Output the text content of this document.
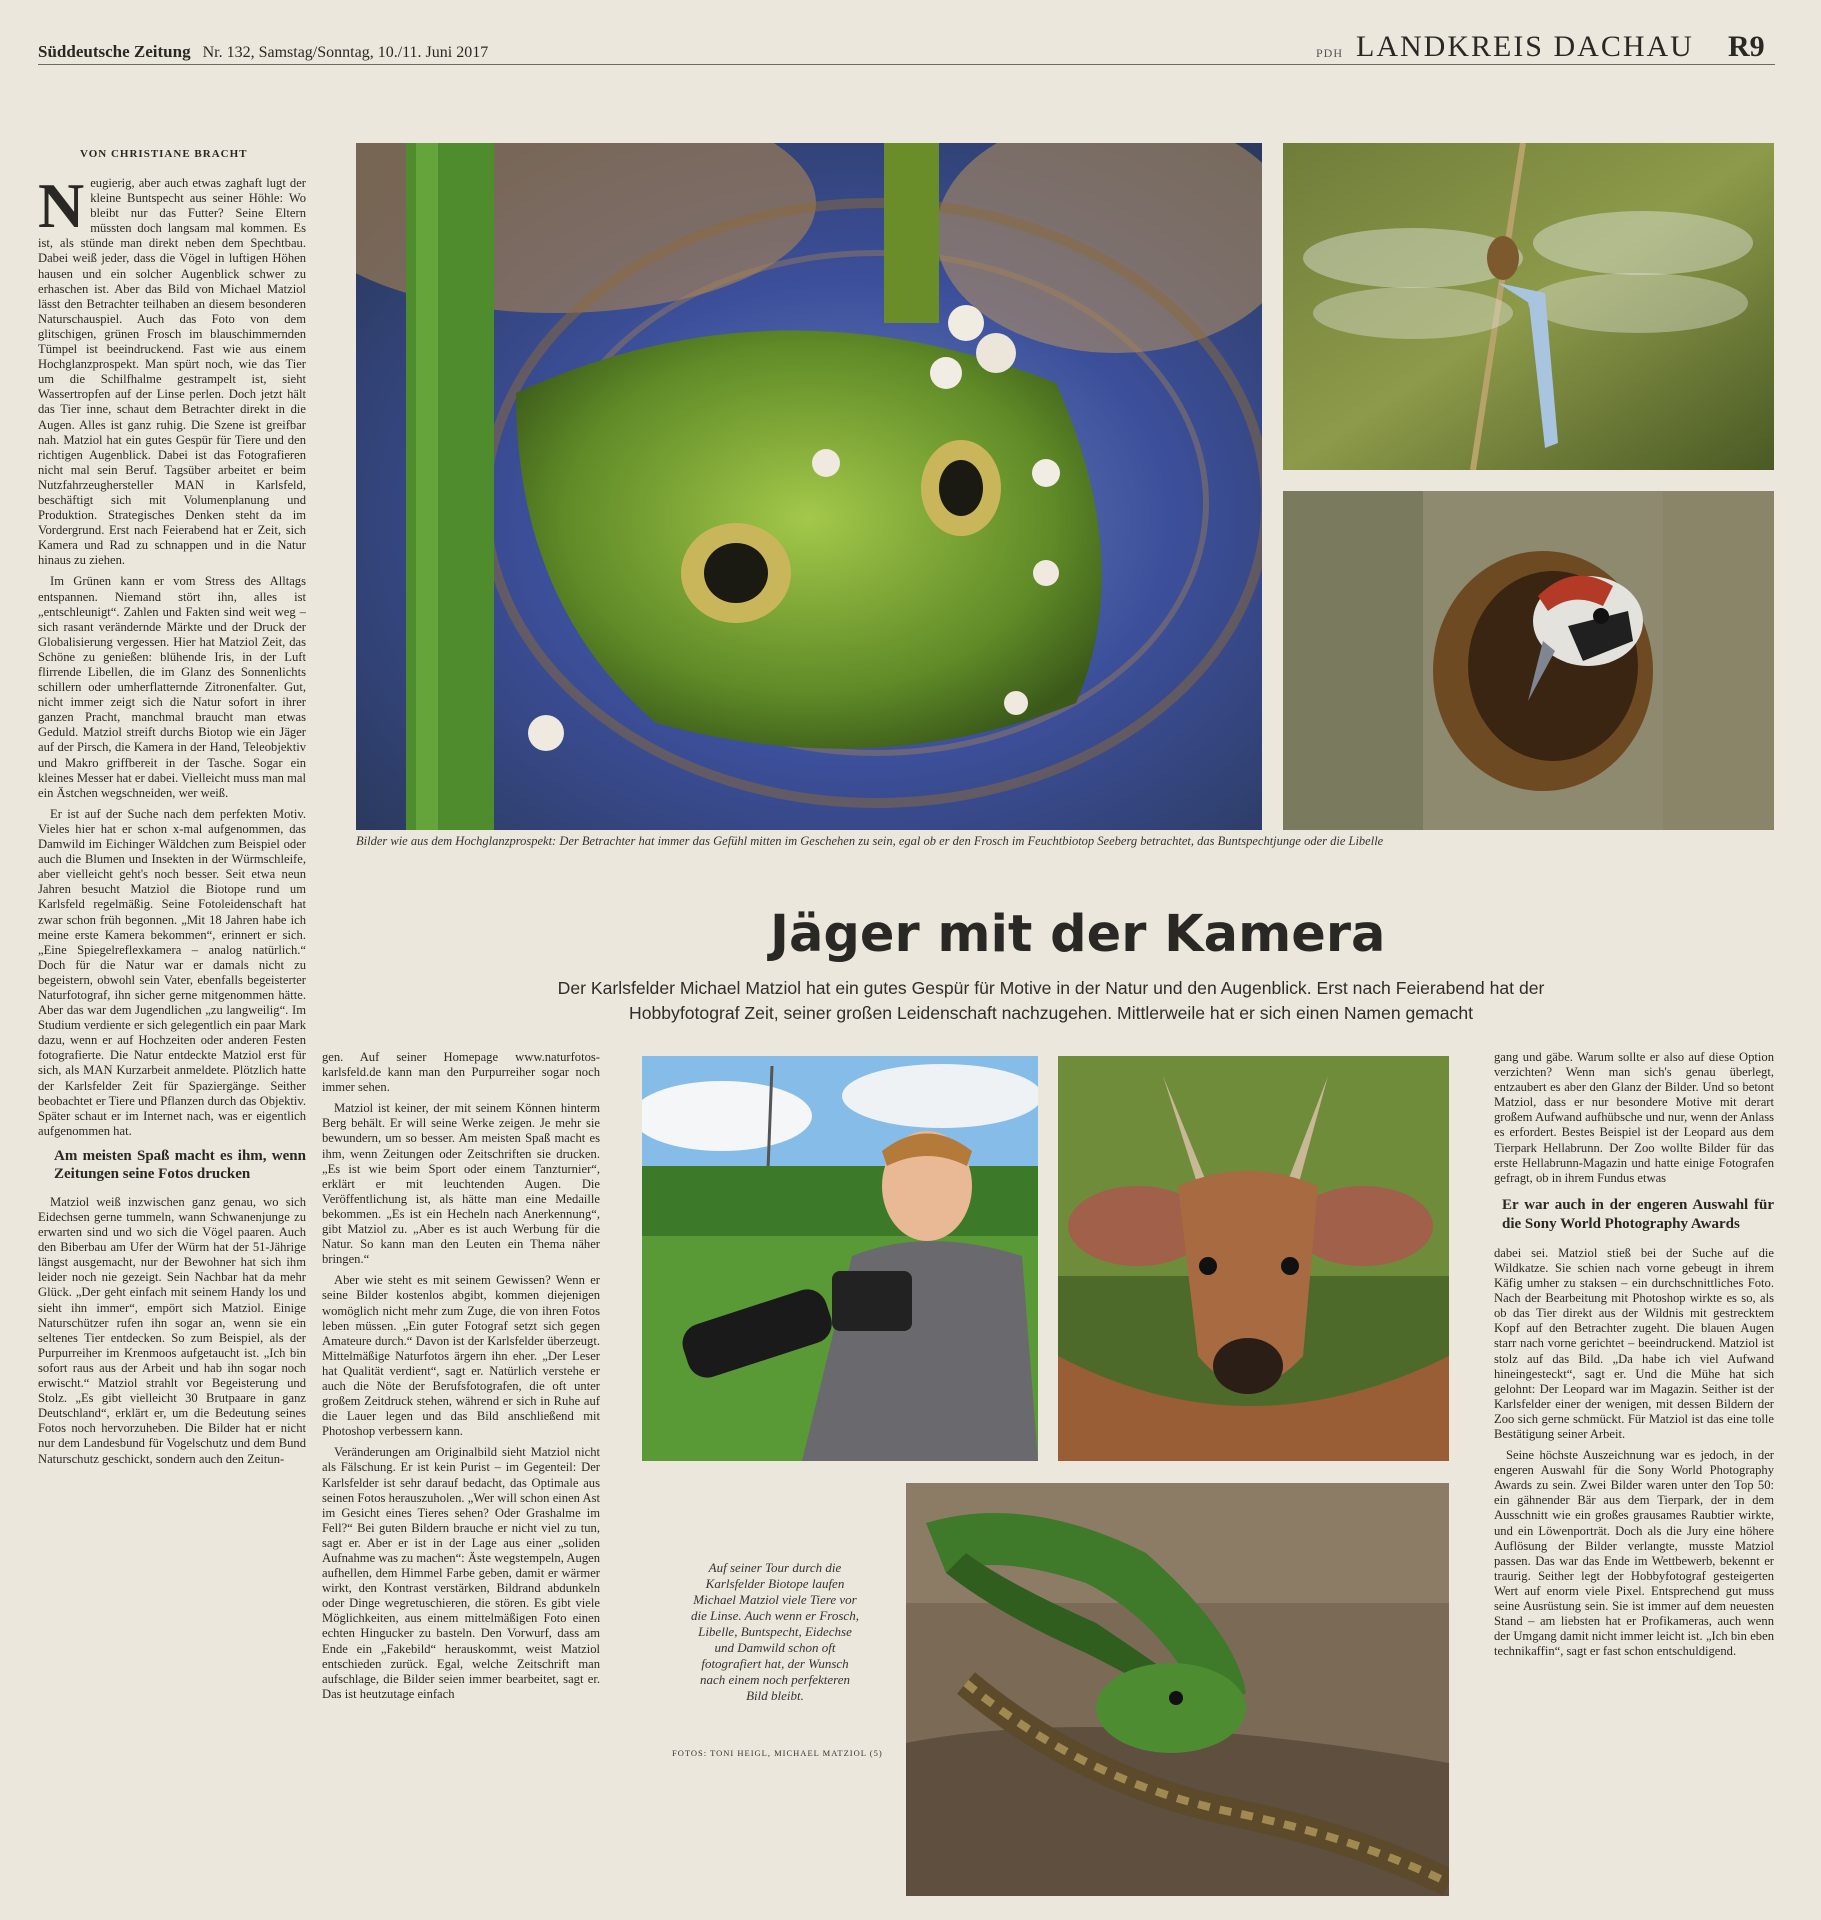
Süddeutsche Zeitung Nr. 132, Samstag/Sonntag, 10./11. Juni 2017	PDH LANDKREIS DACHAU R9
VON CHRISTIANE BRACHT

Neugierig, aber auch etwas zaghaft lugt der kleine Buntspecht aus seiner Höhle: Wo bleibt nur das Futter? Seine Eltern müssten doch langsam mal kommen. Es ist, als stünde man direkt neben dem Spechtbau. Dabei weiß jeder, dass die Vögel in luftigen Höhen hausen und ein solcher Augenblick schwer zu erhaschen ist. Aber das Bild von Michael Matziol lässt den Betrachter teilhaben an diesem besonderen Naturschauspiel. Auch das Foto von dem glitschigen, grünen Frosch im blauschimmernden Tümpel ist beeindruckend. Fast wie aus einem Hochglanzprospekt. Man spürt noch, wie das Tier um die Schilfhalme gestrampelt ist, sieht Wassertropfen auf der Linse perlen. Doch jetzt hält das Tier inne, schaut dem Betrachter direkt in die Augen. Alles ist ganz ruhig. Die Szene ist greifbar nah. Matziol hat ein gutes Gespür für Tiere und den richtigen Augenblick. Dabei ist das Fotografieren nicht mal sein Beruf. Tagsüber arbeitet er beim Nutzfahrzeughersteller MAN in Karlsfeld, beschäftigt sich mit Volumenplanung und Produktion. Strategisches Denken steht da im Vordergrund. Erst nach Feierabend hat er Zeit, sich Kamera und Rad zu schnappen und in die Natur hinaus zu ziehen.

Im Grünen kann er vom Stress des Alltags entspannen. Niemand stört ihn, alles ist „entschleunigt“. Zahlen und Fakten sind weit weg – sich rasant verändernde Märkte und der Druck der Globalisierung vergessen. Hier hat Matziol Zeit, das Schöne zu genießen: blühende Iris, in der Luft flirrende Libellen, die im Glanz des Sonnenlichts schillern oder umherflatternde Zitronenfalter. Gut, nicht immer zeigt sich die Natur sofort in ihrer ganzen Pracht, manchmal braucht man etwas Geduld. Matziol streift durchs Biotop wie ein Jäger auf der Pirsch, die Kamera in der Hand, Teleobjektiv und Makro griffbereit in der Tasche. Sogar ein kleines Messer hat er dabei. Vielleicht muss man mal ein Ästchen wegschneiden, wer weiß.

Er ist auf der Suche nach dem perfekten Motiv. Vieles hier hat er schon x-mal aufgenommen, das Damwild im Eichinger Wäldchen zum Beispiel oder auch die Blumen und Insekten in der Würmschleife, aber vielleicht geht's noch besser. Seit etwa neun Jahren besucht Matziol die Biotope rund um Karlsfeld regelmäßig. Seine Fotoleidenschaft hat zwar schon früh begonnen. „Mit 18 Jahren habe ich meine erste Kamera bekommen“, erinnert er sich. „Eine Spiegelreflexkamera – analog natürlich.“ Doch für die Natur war er damals nicht zu begeistern, obwohl sein Vater, ebenfalls begeisterter Naturfotograf, ihn sicher gerne mitgenommen hätte. Aber das war dem Jugendlichen „zu langweilig“. Im Studium verdiente er sich gelegentlich ein paar Mark dazu, wenn er auf Hochzeiten oder anderen Festen fotografierte. Die Natur entdeckte Matziol erst für sich, als MAN Kurzarbeit anmeldete. Plötzlich hatte der Karlsfelder Zeit für Spaziergänge. Seither beobachtet er Tiere und Pflanzen durch das Objektiv. Später schaut er im Internet nach, was er eigentlich aufgenommen hat.

Am meisten Spaß macht es ihm, wenn Zeitungen seine Fotos drucken

Matziol weiß inzwischen ganz genau, wo sich Eidechsen gerne tummeln, wann Schwanenjunge zu erwarten sind und wo sich die Vögel paaren. Auch den Biberbau am Ufer der Würm hat der 51-Jährige längst ausgemacht, nur der Bewohner hat sich ihm leider noch nie gezeigt. Sein Nachbar hat da mehr Glück. „Der geht einfach mit seinem Handy los und sieht ihn immer“, empört sich Matziol. Einige Naturschützer rufen ihn sogar an, wenn sie ein seltenes Tier entdecken. So zum Beispiel, als der Purpurreiher im Krenmoos aufgetaucht ist. „Ich bin sofort raus aus der Arbeit und hab ihn sogar noch erwischt.“ Matziol strahlt vor Begeisterung und Stolz. „Es gibt vielleicht 30 Brutpaare in ganz Deutschland“, erklärt er, um die Bedeutung seines Fotos noch hervorzuheben. Die Bilder hat er nicht nur dem Landesbund für Vogelschutz und dem Bund Naturschutz geschickt, sondern auch den Zeitun-

Bilder wie aus dem Hochglanzprospekt: Der Betrachter hat immer das Gefühl mitten im Geschehen zu sein, egal ob er den Frosch im Feuchtbiotop Seeberg betrachtet, das Buntspechtjunge oder die Libelle
Jäger mit der Kamera
Der Karlsfelder Michael Matziol hat ein gutes Gespür für Motive in der Natur und den Augenblick. Erst nach Feierabend hat der Hobbyfotograf Zeit, seiner großen Leidenschaft nachzugehen. Mittlerweile hat er sich einen Namen gemacht

gen. Auf seiner Homepage www.naturfotos-karlsfeld.de kann man den Purpurreiher sogar noch immer sehen.

Matziol ist keiner, der mit seinem Können hinterm Berg behält. Er will seine Werke zeigen. Je mehr sie bewundern, um so besser. Am meisten Spaß macht es ihm, wenn Zeitungen oder Zeitschriften sie drucken. „Es ist wie beim Sport oder einem Tanzturnier“, erklärt er mit leuchtenden Augen. Die Veröffentlichung ist, als hätte man eine Medaille bekommen. „Es ist ein Hecheln nach Anerkennung“, gibt Matziol zu. „Aber es ist auch Werbung für die Natur. So kann man den Leuten ein Thema näher bringen.“

Aber wie steht es mit seinem Gewissen? Wenn er seine Bilder kostenlos abgibt, kommen diejenigen womöglich nicht mehr zum Zuge, die von ihren Fotos leben müssen. „Ein guter Fotograf setzt sich gegen Amateure durch.“ Davon ist der Karlsfelder überzeugt. Mittelmäßige Naturfotos ärgern ihn eher. „Der Leser hat Qualität verdient“, sagt er. Natürlich verstehe er auch die Nöte der Berufsfotografen, die oft unter großem Zeitdruck stehen, während er sich in Ruhe auf die Lauer legen und das Bild anschließend mit Photoshop verbessern kann.

Veränderungen am Originalbild sieht Matziol nicht als Fälschung. Er ist kein Purist – im Gegenteil: Der Karlsfelder ist sehr darauf bedacht, das Optimale aus seinen Fotos herauszuholen. „Wer will schon einen Ast im Gesicht eines Tieres sehen? Oder Grashalme im Fell?“ Bei guten Bildern brauche er nicht viel zu tun, sagt er. Aber er ist in der Lage aus einer „soliden Aufnahme was zu machen“: Äste wegstempeln, Augen aufhellen, dem Himmel Farbe geben, damit er wärmer wirkt, den Kontrast verstärken, Bildrand abdunkeln oder Dinge wegretuschieren, die stören. Es gibt viele Möglichkeiten, aus einem mittelmäßigen Foto einen echten Hingucker zu basteln. Den Vorwurf, dass am Ende ein „Fakebild“ herauskommt, weist Matziol entschieden zurück. Egal, welche Zeitschrift man aufschlage, die Bilder seien immer bearbeitet, sagt er. Das ist heutzutage einfach

Auf seiner Tour durch die Karlsfelder Biotope laufen Michael Matziol viele Tiere vor die Linse. Auch wenn er Frosch, Libelle, Buntspecht, Eidechse und Damwild schon oft fotografiert hat, der Wunsch nach einem noch perfekteren Bild bleibt.
FOTOS: TONI HEIGL, MICHAEL MATZIOL (5)

gang und gäbe. Warum sollte er also auf diese Option verzichten? Wenn man sich's genau überlegt, entzaubert es aber den Glanz der Bilder. Und so betont Matziol, dass er nur besondere Motive mit derart großem Aufwand aufhübsche und nur, wenn der Anlass es erfordert. Bestes Beispiel ist der Leopard aus dem Tierpark Hellabrunn. Der Zoo wollte Bilder für das erste Hellabrunn-Magazin und hatte einige Fotografen gefragt, ob in ihrem Fundus etwas

Er war auch in der engeren Auswahl für die Sony World Photography Awards

dabei sei. Matziol stieß bei der Suche auf die Wildkatze. Sie schien nach vorne gebeugt in ihrem Käfig umher zu staksen – ein durchschnittliches Foto. Nach der Bearbeitung mit Photoshop wirkte es so, als ob das Tier direkt aus der Wildnis mit gestrecktem Kopf auf den Betrachter zugeht. Die blauen Augen starr nach vorne gerichtet – beeindruckend. Matziol ist stolz auf das Bild. „Da habe ich viel Aufwand hineingesteckt“, sagt er. Und die Mühe hat sich gelohnt: Der Leopard war im Magazin. Seither ist der Karlsfelder einer der wenigen, mit dessen Bildern der Zoo sich gerne schmückt. Für Matziol ist das eine tolle Bestätigung seiner Arbeit.

Seine höchste Auszeichnung war es jedoch, in der engeren Auswahl für die Sony World Photography Awards zu sein. Zwei Bilder waren unter den Top 50: ein gähnender Bär aus dem Tierpark, der in dem Ausschnitt wie ein großes grausames Raubtier wirkte, und ein Löwenporträt. Doch als die Jury eine höhere Auflösung der Bilder verlangte, musste Matziol passen. Das war das Ende im Wettbewerb, bekennt er traurig. Seither legt der Hobbyfotograf gesteigerten Wert auf enorm viele Pixel. Entsprechend gut muss seine Ausrüstung sein. Sie ist immer auf dem neuesten Stand – am liebsten hat er Profikameras, auch wenn der Umgang damit nicht immer leicht ist. „Ich bin eben technikaffin“, sagt er fast schon entschuldigend.
